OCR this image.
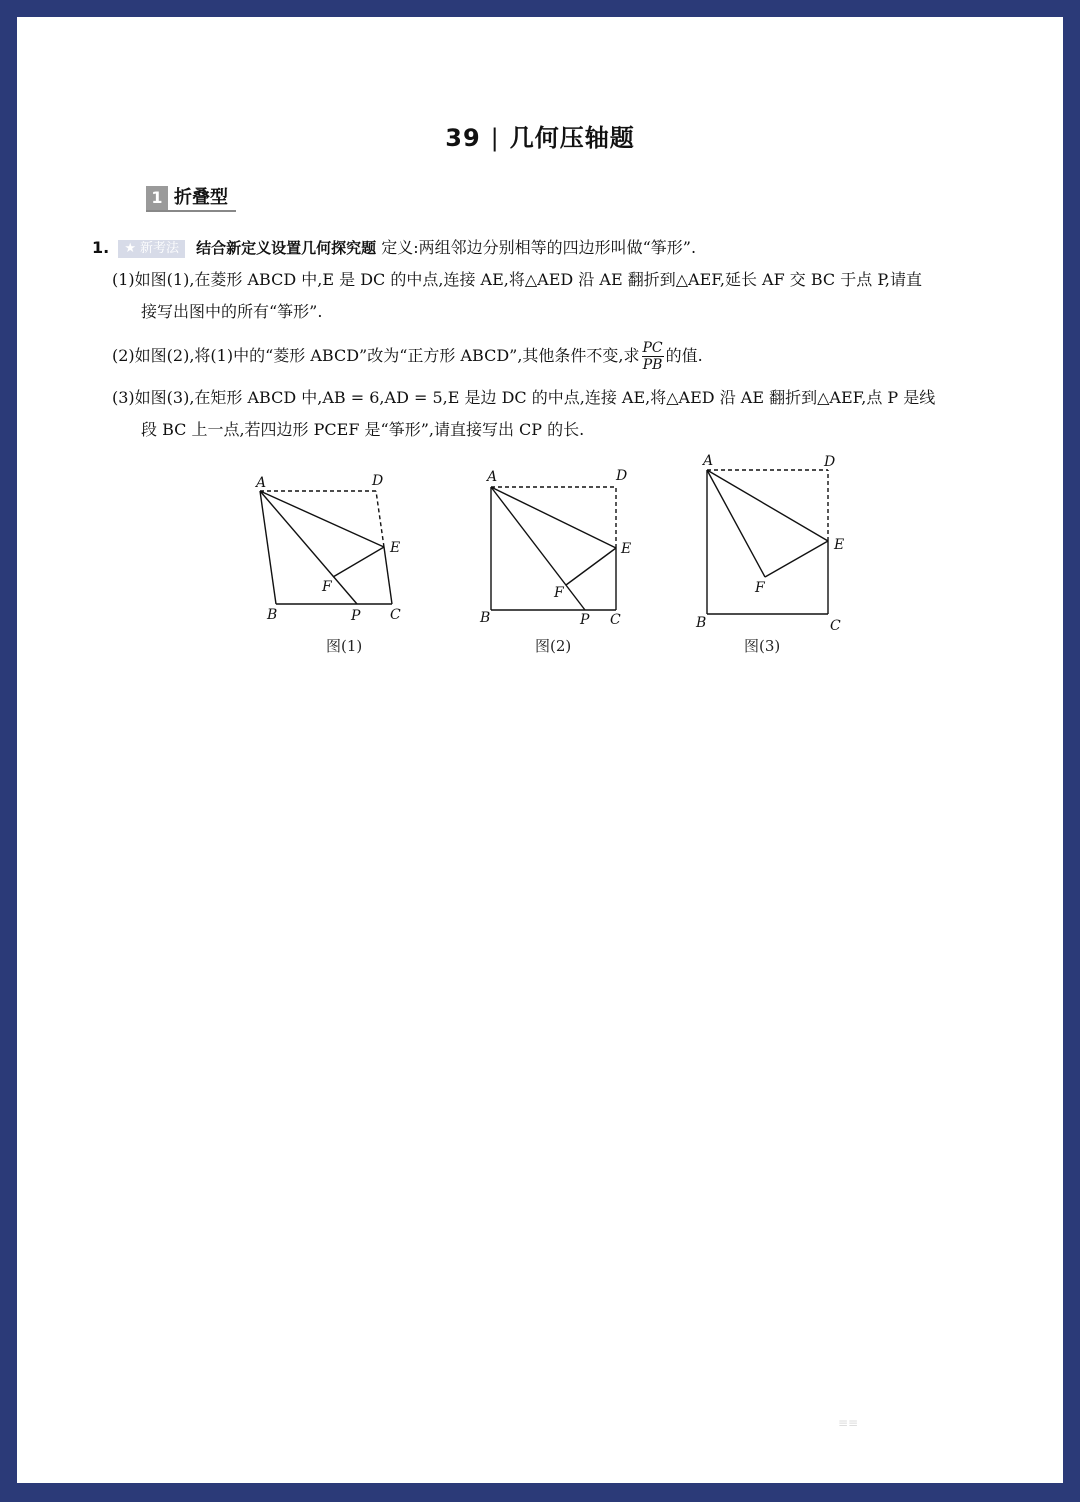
39 | 几何压轴题
1 折叠型
1. ★ 新考法 结合新定义设置几何探究题 定义:两组邻边分别相等的四边形叫做“筝形”.
(1)如图(1),在菱形 ABCD 中,E 是 DC 的中点,连接 AE,将△AED 沿 AE 翻折到△AEF,延长 AF 交 BC 于点 P,请直
接写出图中的所有“筝形”.
(2)如图(2),将(1)中的“菱形 ABCD”改为“正方形 ABCD”,其他条件不变,求 $\frac{PC}{PB}$ 的值.
(3)如图(3),在矩形 ABCD 中,AB = 6,AD = 5,E 是边 DC 的中点,连接 AE,将△AED 沿 AE 翻折到△AEF,点 P 是线
段 BC 上一点,若四边形 PCEF 是“筝形”,请直接写出 CP 的长.
A	D
E
F
B	P C
图(1)
A	D
E
F
B	P C
图(2)
A	D
E
F
B	C
图(3)
≡≡
